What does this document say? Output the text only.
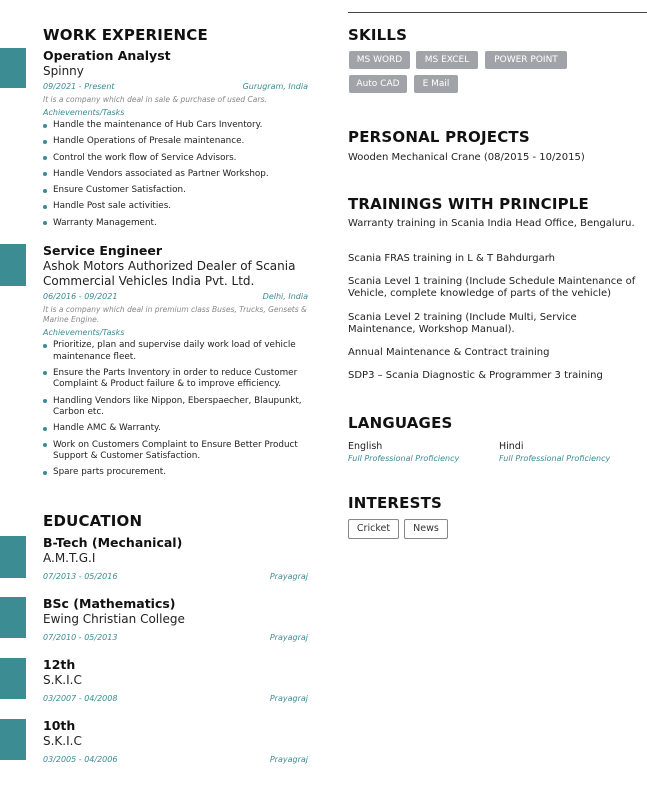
WORK EXPERIENCE
Operation Analyst
Spinny
09/2021 - Present	Gurugram, India
It is a company which deal in sale & purchase of used Cars.
Achievements/Tasks
Handle the maintenance of Hub Cars Inventory.
Handle Operations of Presale maintenance.
Control the work flow of Service Advisors.
Handle Vendors associated as Partner Workshop.
Ensure Customer Satisfaction.
Handle Post sale activities.
Warranty Management.
Service Engineer
Ashok Motors Authorized Dealer of Scania Commercial Vehicles India Pvt. Ltd.
06/2016 - 09/2021	Delhi, India
It is a company which deal in premium class Buses, Trucks, Gensets & Marine Engine.
Achievements/Tasks
Prioritize, plan and supervise daily work load of vehicle maintenance fleet.
Ensure the Parts Inventory in order to reduce Customer Complaint & Product failure & to improve efficiency.
Handling Vendors like Nippon, Eberspaecher, Blaupunkt, Carbon etc.
Handle AMC & Warranty.
Work on Customers Complaint to Ensure Better Product Support & Customer Satisfaction.
Spare parts procurement.
EDUCATION
B-Tech (Mechanical)
A.M.T.G.I
07/2013 - 05/2016	Prayagraj
BSc (Mathematics)
Ewing Christian College
07/2010 - 05/2013	Prayagraj
12th
S.K.I.C
03/2007 - 04/2008	Prayagraj
10th
S.K.I.C
03/2005 - 04/2006	Prayagraj
SKILLS
MS WORD	MS EXCEL	POWER POINT
Auto CAD	E Mail
PERSONAL PROJECTS
Wooden Mechanical Crane (08/2015 - 10/2015)
TRAININGS WITH PRINCIPLE
Warranty training in Scania India Head Office, Bengaluru.
Scania FRAS training in L & T Bahdurgarh
Scania Level 1 training (Include Schedule Maintenance of Vehicle, complete knowledge of parts of the vehicle)
Scania Level 2 training (Include Multi, Service Maintenance, Workshop Manual).
Annual Maintenance & Contract training
SDP3 – Scania Diagnostic & Programmer 3 training
LANGUAGES
English
Full Professional Proficiency
Hindi
Full Professional Proficiency
INTERESTS
Cricket	News
